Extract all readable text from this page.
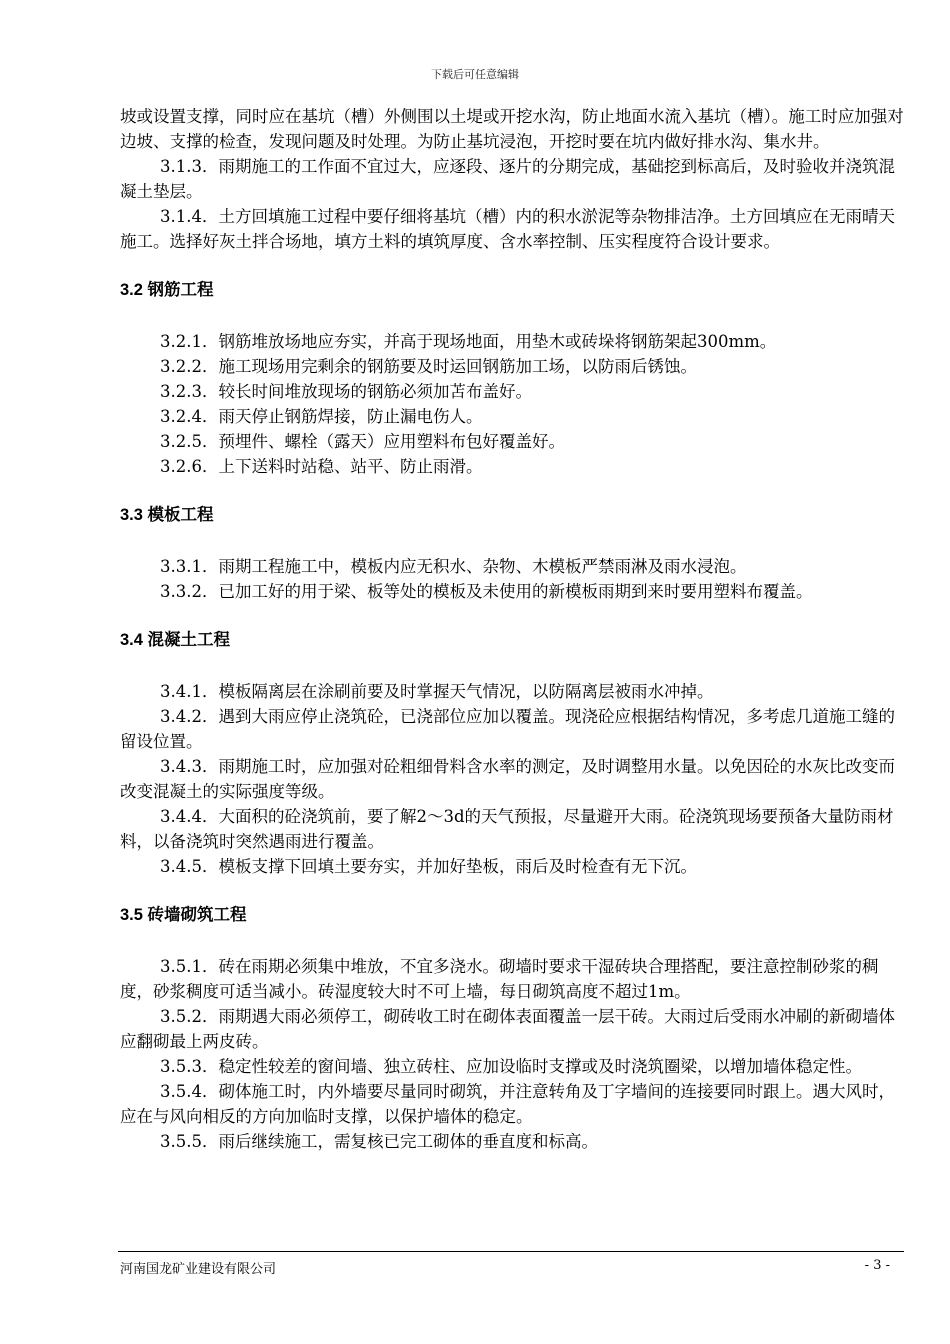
下载后可任意编辑

坡或设置支撑，同时应在基坑（槽）外侧围以土堤或开挖水沟，防止地面水流入基坑（槽）。施工时应加强对边坡、支撑的检查，发现问题及时处理。为防止基坑浸泡，开挖时要在坑内做好排水沟、集水井。

3.1.3．雨期施工的工作面不宜过大，应逐段、逐片的分期完成，基础挖到标高后，及时验收并浇筑混凝土垫层。

3.1.4．土方回填施工过程中要仔细将基坑（槽）内的积水淤泥等杂物排洁净。土方回填应在无雨晴天施工。选择好灰土拌合场地，填方土料的填筑厚度、含水率控制、压实程度符合设计要求。

3.2 钢筋工程

3.2.1．钢筋堆放场地应夯实，并高于现场地面，用垫木或砖垛将钢筋架起300mm。

3.2.2．施工现场用完剩余的钢筋要及时运回钢筋加工场，以防雨后锈蚀。

3.2.3．较长时间堆放现场的钢筋必须加苫布盖好。

3.2.4．雨天停止钢筋焊接，防止漏电伤人。

3.2.5．预埋件、螺栓（露天）应用塑料布包好覆盖好。

3.2.6．上下送料时站稳、站平、防止雨滑。

3.3 模板工程

3.3.1．雨期工程施工中，模板内应无积水、杂物、木模板严禁雨淋及雨水浸泡。

3.3.2．已加工好的用于梁、板等处的模板及未使用的新模板雨期到来时要用塑料布覆盖。

3.4 混凝土工程

3.4.1．模板隔离层在涂刷前要及时掌握天气情况，以防隔离层被雨水冲掉。

3.4.2．遇到大雨应停止浇筑砼，已浇部位应加以覆盖。现浇砼应根据结构情况，多考虑几道施工缝的留设位置。

3.4.3．雨期施工时，应加强对砼粗细骨料含水率的测定，及时调整用水量。以免因砼的水灰比改变而改变混凝土的实际强度等级。

3.4.4．大面积的砼浇筑前，要了解2～3d的天气预报，尽量避开大雨。砼浇筑现场要预备大量防雨材料，以备浇筑时突然遇雨进行覆盖。

3.4.5．模板支撑下回填土要夯实，并加好垫板，雨后及时检查有无下沉。

3.5 砖墙砌筑工程

3.5.1．砖在雨期必须集中堆放，不宜多浇水。砌墙时要求干湿砖块合理搭配，要注意控制砂浆的稠度，砂浆稠度可适当减小。砖湿度较大时不可上墙，每日砌筑高度不超过1m。

3.5.2．雨期遇大雨必须停工，砌砖收工时在砌体表面覆盖一层干砖。大雨过后受雨水冲刷的新砌墙体应翻砌最上两皮砖。

3.5.3．稳定性较差的窗间墙、独立砖柱、应加设临时支撑或及时浇筑圈梁，以增加墙体稳定性。

3.5.4．砌体施工时，内外墙要尽量同时砌筑，并注意转角及丁字墙间的连接要同时跟上。遇大风时，应在与风向相反的方向加临时支撑，以保护墙体的稳定。

3.5.5．雨后继续施工，需复核已完工砌体的垂直度和标高。

河南国龙矿业建设有限公司	- 3 -
